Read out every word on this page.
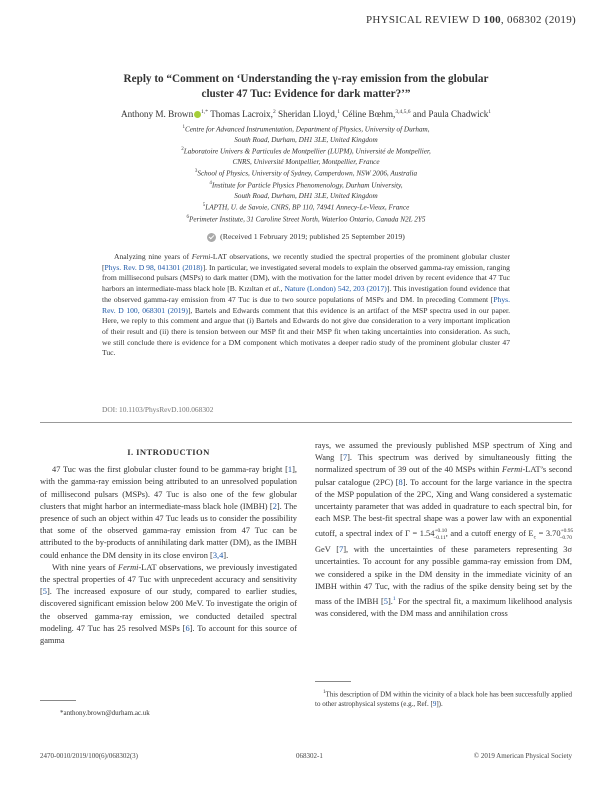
PHYSICAL REVIEW D 100, 068302 (2019)
Reply to “Comment on ‘Understanding the γ-ray emission from the globular
cluster 47 Tuc: Evidence for dark matter?’”
Anthony M. Brown $^{1,*}$ Thomas Lacroix,$^2$ Sheridan Lloyd,$^1$ Céline Bœhm,$^{3,4,5,6}$ and Paula Chadwick$^1$
$^1$Centre for Advanced Instrumentation, Department of Physics, University of Durham,
South Road, Durham, DH1 3LE, United Kingdom
$^2$Laboratoire Univers & Particules de Montpellier (LUPM), Université de Montpellier,
CNRS, Université Montpellier, Montpellier, France
$^3$School of Physics, University of Sydney, Camperdown, NSW 2006, Australia
$^4$Institute for Particle Physics Phenomenology, Durham University,
South Road, Durham, DH1 3LE, United Kingdom
$^5$LAPTH, U. de Savoie, CNRS, BP 110, 74941 Annecy-Le-Vieux, France
$^6$Perimeter Institute, 31 Caroline Street North, Waterloo Ontario, Canada N2L 2Y5
(Received 1 February 2019; published 25 September 2019)
Analyzing nine years of Fermi-LAT observations, we recently studied the spectral properties of the prominent globular cluster [Phys. Rev. D 98, 041301 (2018)]. In particular, we investigated several models to explain the observed gamma-ray emission, ranging from millisecond pulsars (MSPs) to dark matter (DM), with the motivation for the latter model driven by recent evidence that 47 Tuc harbors an intermediate-mass black hole [B. Kızıltan et al., Nature (London) 542, 203 (2017)]. This investigation found evidence that the observed gamma-ray emission from 47 Tuc is due to two source populations of MSPs and DM. In preceding Comment [Phys. Rev. D 100, 068301 (2019)], Bartels and Edwards comment that this evidence is an artifact of the MSP spectra used in our paper. Here, we reply to this comment and argue that (i) Bartels and Edwards do not give due consideration to a very important implication of their result and (ii) there is tension between our MSP fit and their MSP fit when taking uncertainties into consideration. As such, we still conclude there is evidence for a DM component which motivates a deeper radio study of the prominent globular cluster 47 Tuc.
DOI: 10.1103/PhysRevD.100.068302
I. INTRODUCTION

47 Tuc was the first globular cluster found to be gamma-ray bright [1], with the gamma-ray emission being attributed to an unresolved population of millisecond pulsars (MSPs). 47 Tuc is also one of the few globular clusters that might harbor an intermediate-mass black hole (IMBH) [2]. The presence of such an object within 47 Tuc leads us to consider the possibility that some of the observed gamma-ray emission from 47 Tuc can be attributed to the by-products of annihilating dark matter (DM), as the IMBH could enhance the DM density in its close environ [3,4].

With nine years of Fermi-LAT observations, we previously investigated the spectral properties of 47 Tuc with unprecedent accuracy and sensitivity [5]. The increased exposure of our study, compared to earlier studies, discovered significant emission below 200 MeV. To investigate the origin of the observed gamma-ray emission, we conducted detailed spectral modeling. 47 Tuc has 25 resolved MSPs [6]. To account for this source of gamma

rays, we assumed the previously published MSP spectrum of Xing and Wang [7]. This spectrum was derived by simultaneously fitting the normalized spectrum of 39 out of the 40 MSPs within Fermi-LAT’s second pulsar catalogue (2PC) [8]. To account for the large variance in the spectra of the MSP population of the 2PC, Xing and Wang considered a systematic uncertainty parameter that was added in quadrature to each spectral bin, for each MSP. The best-fit spectral shape was a power law with an exponential cutoff, a spectral index of $\Gamma = 1.54^{+0.10}_{-0.11}$, and a cutoff energy of $E_c = 3.70^{+0.95}_{-0.70}$ GeV [7], with the uncertainties of these parameters representing 3σ uncertainties. To account for any possible gamma-ray emission from DM, we considered a spike in the DM density in the immediate vicinity of an IMBH within 47 Tuc, with the radius of the spike density being set by the mass of the IMBH [5].$^1$ For the spectral fit, a maximum likelihood analysis was considered, with the DM mass and annihilation cross

*anthony.brown@durham.ac.uk
$^1$This description of DM within the vicinity of a black hole has been successfully applied to other astrophysical systems (e.g., Ref. [9]).
2470-0010/2019/100(6)/068302(3)	068302-1	© 2019 American Physical Society
